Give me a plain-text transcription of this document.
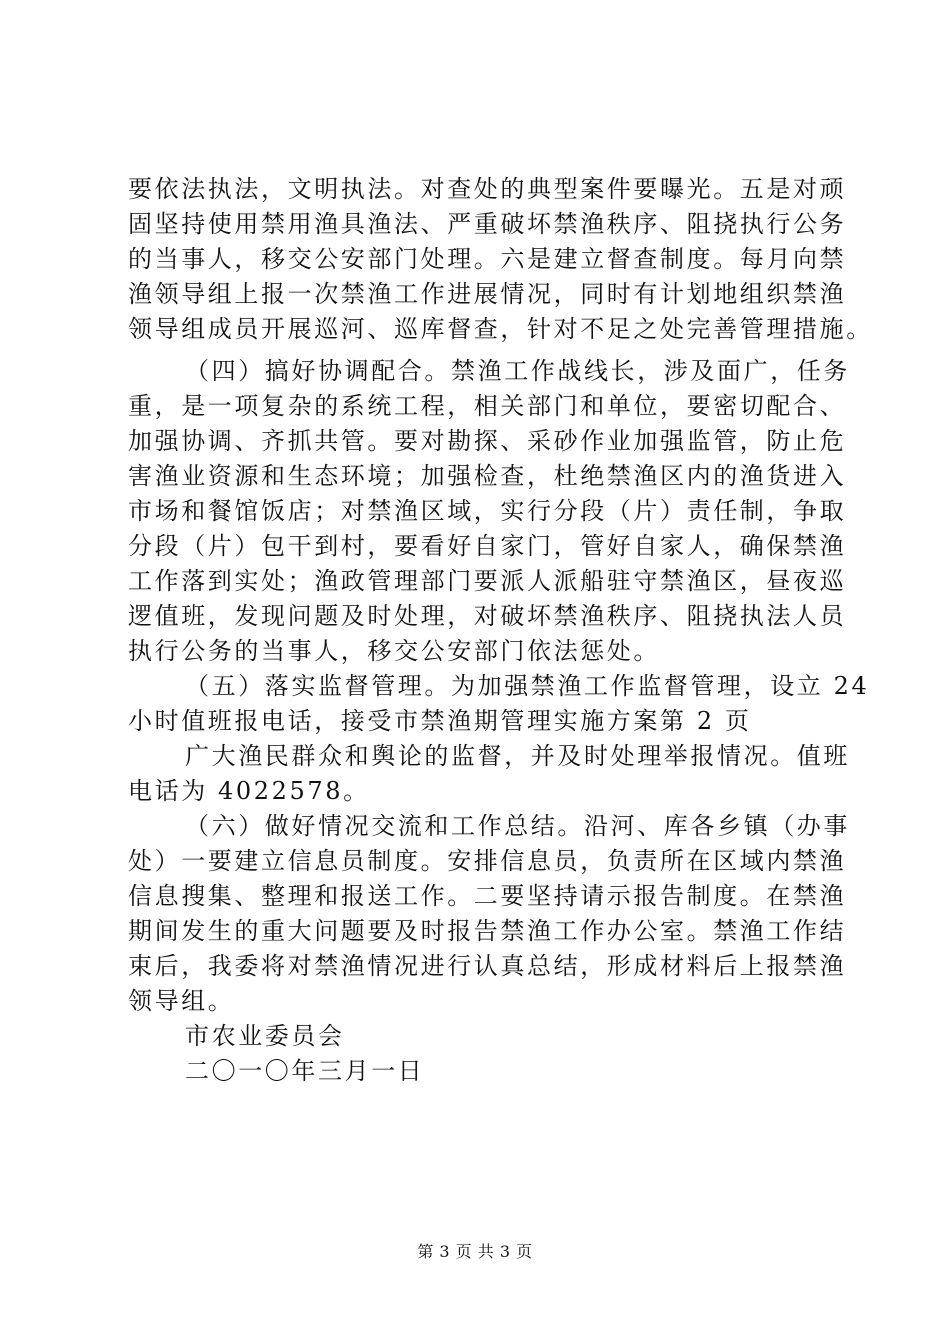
要依法执法，文明执法。对查处的典型案件要曝光。五是对顽
固坚持使用禁用渔具渔法、严重破坏禁渔秩序、阻挠执行公务
的当事人，移交公安部门处理。六是建立督查制度。每月向禁
渔领导组上报一次禁渔工作进展情况，同时有计划地组织禁渔
领导组成员开展巡河、巡库督查，针对不足之处完善管理措施。
（四）搞好协调配合。禁渔工作战线长，涉及面广，任务
重，是一项复杂的系统工程，相关部门和单位，要密切配合、
加强协调、齐抓共管。要对勘探、采砂作业加强监管，防止危
害渔业资源和生态环境；加强检查，杜绝禁渔区内的渔货进入
市场和餐馆饭店；对禁渔区域，实行分段（片）责任制，争取
分段（片）包干到村，要看好自家门，管好自家人，确保禁渔
工作落到实处；渔政管理部门要派人派船驻守禁渔区，昼夜巡
逻值班，发现问题及时处理，对破坏禁渔秩序、阻挠执法人员
执行公务的当事人，移交公安部门依法惩处。
（五）落实监督管理。为加强禁渔工作监督管理，设立 24
小时值班报电话，接受市禁渔期管理实施方案第 2 页
广大渔民群众和舆论的监督，并及时处理举报情况。值班
电话为 4022578。
（六）做好情况交流和工作总结。沿河、库各乡镇（办事
处）一要建立信息员制度。安排信息员，负责所在区域内禁渔
信息搜集、整理和报送工作。二要坚持请示报告制度。在禁渔
期间发生的重大问题要及时报告禁渔工作办公室。禁渔工作结
束后，我委将对禁渔情况进行认真总结，形成材料后上报禁渔
领导组。
市农业委员会
二〇一〇年三月一日
第 3 页 共 3 页
